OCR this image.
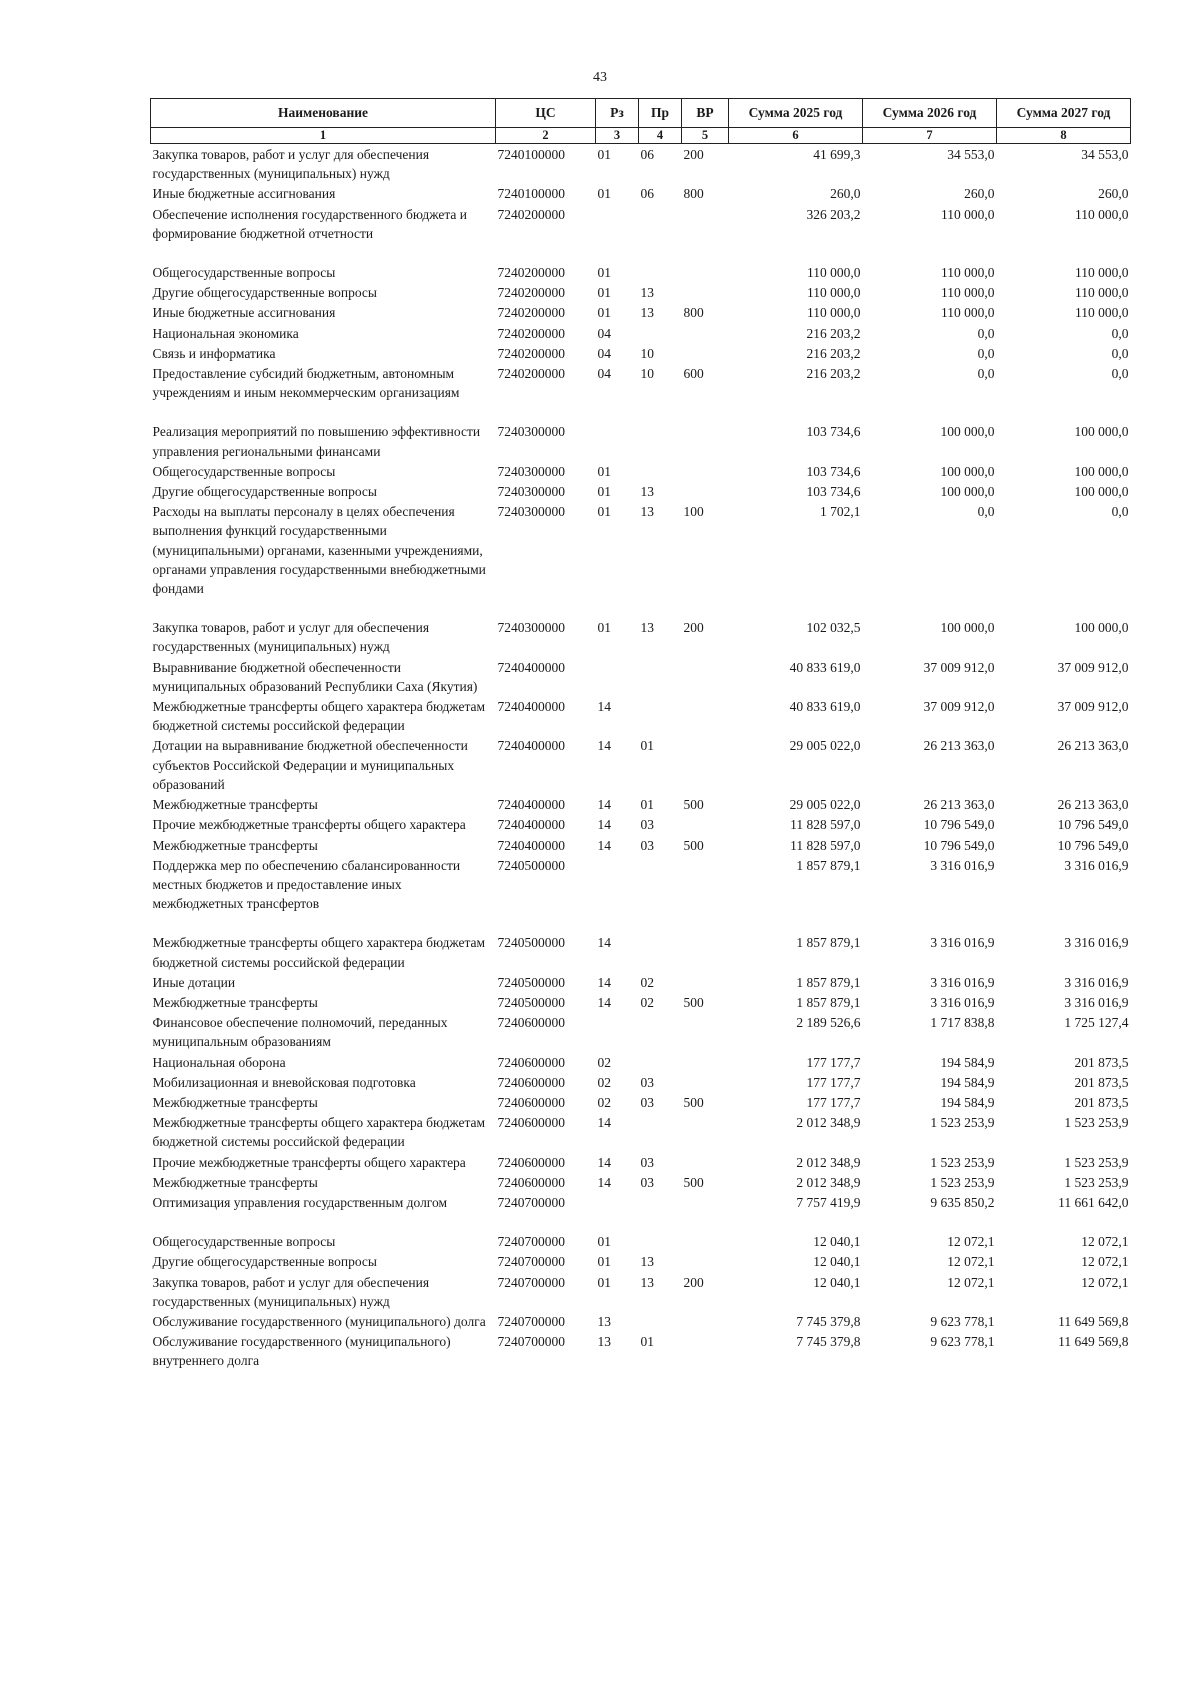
43
Наименование	ЦС	Рз	Пр	ВР	Сумма 2025 год	Сумма 2026 год	Сумма 2027 год
1	2	3	4	5	6	7	8
Закупка товаров, работ и услуг для обеспечения государственных (муниципальных) нужд	7240100000	01	06	200	41 699,3	34 553,0	34 553,0
Иные бюджетные ассигнования	7240100000	01	06	800	260,0	260,0	260,0
Обеспечение исполнения государственного бюджета и формирование бюджетной отчетности	7240200000				326 203,2	110 000,0	110 000,0

Общегосударственные вопросы	7240200000	01			110 000,0	110 000,0	110 000,0
Другие общегосударственные вопросы	7240200000	01	13		110 000,0	110 000,0	110 000,0
Иные бюджетные ассигнования	7240200000	01	13	800	110 000,0	110 000,0	110 000,0
Национальная экономика	7240200000	04			216 203,2	0,0	0,0
Связь и информатика	7240200000	04	10		216 203,2	0,0	0,0
Предоставление субсидий бюджетным, автономным учреждениям и иным некоммерческим организациям	7240200000	04	10	600	216 203,2	0,0	0,0

Реализация мероприятий по повышению эффективности управления региональными финансами	7240300000				103 734,6	100 000,0	100 000,0
Общегосударственные вопросы	7240300000	01			103 734,6	100 000,0	100 000,0
Другие общегосударственные вопросы	7240300000	01	13		103 734,6	100 000,0	100 000,0
Расходы на выплаты персоналу в целях обеспечения выполнения функций государственными (муниципальными) органами, казенными учреждениями, органами управления государственными внебюджетными фондами	7240300000	01	13	100	1 702,1	0,0	0,0

Закупка товаров, работ и услуг для обеспечения государственных (муниципальных) нужд	7240300000	01	13	200	102 032,5	100 000,0	100 000,0
Выравнивание бюджетной обеспеченности муниципальных образований Республики Саха (Якутия)	7240400000				40 833 619,0	37 009 912,0	37 009 912,0
Межбюджетные трансферты общего характера бюджетам бюджетной системы российской федерации	7240400000	14			40 833 619,0	37 009 912,0	37 009 912,0
Дотации на выравнивание бюджетной обеспеченности субъектов Российской Федерации и муниципальных образований	7240400000	14	01		29 005 022,0	26 213 363,0	26 213 363,0
Межбюджетные трансферты	7240400000	14	01	500	29 005 022,0	26 213 363,0	26 213 363,0
Прочие межбюджетные трансферты общего характера	7240400000	14	03		11 828 597,0	10 796 549,0	10 796 549,0
Межбюджетные трансферты	7240400000	14	03	500	11 828 597,0	10 796 549,0	10 796 549,0
Поддержка мер по обеспечению сбалансированности местных бюджетов и предоставление иных межбюджетных трансфертов	7240500000				1 857 879,1	3 316 016,9	3 316 016,9

Межбюджетные трансферты общего характера бюджетам бюджетной системы российской федерации	7240500000	14			1 857 879,1	3 316 016,9	3 316 016,9
Иные дотации	7240500000	14	02		1 857 879,1	3 316 016,9	3 316 016,9
Межбюджетные трансферты	7240500000	14	02	500	1 857 879,1	3 316 016,9	3 316 016,9
Финансовое обеспечение полномочий, переданных муниципальным образованиям	7240600000				2 189 526,6	1 717 838,8	1 725 127,4
Национальная оборона	7240600000	02			177 177,7	194 584,9	201 873,5
Мобилизационная и вневойсковая подготовка	7240600000	02	03		177 177,7	194 584,9	201 873,5
Межбюджетные трансферты	7240600000	02	03	500	177 177,7	194 584,9	201 873,5
Межбюджетные трансферты общего характера бюджетам бюджетной системы российской федерации	7240600000	14			2 012 348,9	1 523 253,9	1 523 253,9
Прочие межбюджетные трансферты общего характера	7240600000	14	03		2 012 348,9	1 523 253,9	1 523 253,9
Межбюджетные трансферты	7240600000	14	03	500	2 012 348,9	1 523 253,9	1 523 253,9
Оптимизация управления государственным долгом	7240700000				7 757 419,9	9 635 850,2	11 661 642,0

Общегосударственные вопросы	7240700000	01			12 040,1	12 072,1	12 072,1
Другие общегосударственные вопросы	7240700000	01	13		12 040,1	12 072,1	12 072,1
Закупка товаров, работ и услуг для обеспечения государственных (муниципальных) нужд	7240700000	01	13	200	12 040,1	12 072,1	12 072,1
Обслуживание государственного (муниципального) долга	7240700000	13			7 745 379,8	9 623 778,1	11 649 569,8
Обслуживание государственного (муниципального) внутреннего долга	7240700000	13	01		7 745 379,8	9 623 778,1	11 649 569,8
